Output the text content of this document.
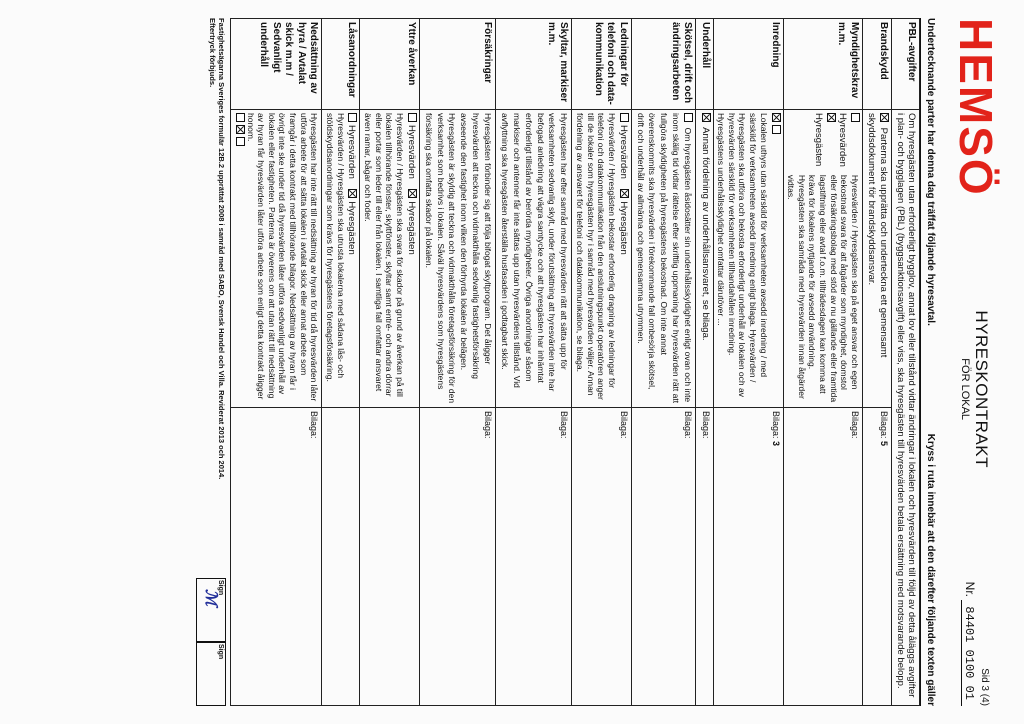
HEMSÖ
HYRESKONTRAKT
FÖR LOKAL
Sid 3 (4)
Nr. 84401 0100 01
Undertecknande parter har denna dag träffat följande hyresavtal.
Kryss i ruta innebär att den därefter följande texten gäller
PBL-avgifter	Om hyresgästen utan erforderligt bygglov, annat lov eller tillstånd vidtar ändringar i lokalen och hyresvärden till följd av detta åläggs avgifter i plan- och bygglagen (PBL) (byggsanktionsavgift) eller viss, ska hyresgästen till hyresvärden betala ersättning med motsvarande belopp.	
Brandskydd	Parterna ska upprätta och underteckna ett gemensamt skyddsdokument för brandskyddsansvar.	Bilaga: 5
Myndighetskrav m.m.	Hyresvärden
Hyresgästen
Hyresvärden / Hyresgästen ska på eget ansvar och egen bekostnad svara för att åtgärder som myndighet, domstol eller försäkringsbolag med stöd av nu gällande eller framtida lagstiftning eller avtal f.o.m. tillträdesdagen kan komma att kräva för lokalens nyttjande för avsedd användning. Hyresgästen ska samråda med hyresvärden innan åtgärder vidtas.	Bilaga:
Inredning	Lokalen uthyrs utan särskild för verksamheten avsedd inredning / med särskild för verksamheten avsedd inredning enligt bilaga. Hyresvärden / Hyresgästen ska utföra och bekosta erforderligt underhåll av lokalen och av hyresvärden särskild för verksamheten tillhandahållen inredning. Hyresgästens underhållsskyldighet omfattar därutöver ...	Bilaga: 3
Underhåll	Annan fördelning av underhållsansvaret, se bilaga.	Bilaga:
Skötsel, drift och ändringsarbeten	Om hyresgästen åsidosätter sin underhållsskyldighet enligt ovan och inte inom skälig tid vidtar rättelse efter skriftlig uppmaning har hyresvärden rätt att fullgöra skyldigheten på hyresgästens bekostnad. Om inte annat överenskommits ska hyresvärden i förekommande fall ombesörja skötsel, drift och underhåll av allmänna och gemensamma utrymmen.	Bilaga:
Ledningar för telefoni och data-kommunikation	Hyresvärden    Hyresgästen
Hyresvärden / Hyresgästen bekostar erforderlig dragning av ledningar för telefoni och datakommunikation från den anslutningspunkt operatören anger till de lokaler som hyresgästen hyr i samråd med hyresvärden väljer. Annan fördelning av ansvaret för telefoni och datakommunikation, se bilaga.	Bilaga:
Skyltar, markiser m.m.	Hyresgästen har efter samråd med hyresvärden rätt att sätta upp för verksamheten sedvanlig skylt, under förutsättning att hyresvärden inte har befogad anledning att vägra samtycke och att hyresgästen har inhämtat erforderligt tillstånd av berörda myndigheter. Övriga anordningar såsom markiser och antenner får inte sättas upp utan hyresvärdens tillstånd. Vid avflyttning ska hyresgästen återställa husfasaden i godtagbart skick.	Bilaga:
Försäkringar	Hyresgästen förbinder sig att följa bifogat skyltprogram. Det åligger hyresvärden att teckna och vidmakthålla sedvanlig fastighetsförsäkring avseende den fastighet inom vilken den förhyrda lokalen är belägen. Hyresgästen är skyldig att teckna och vidmakthålla företagsförsäkring för den verksamhet som bedrivs i lokalen. Såväl hyresvärdens som hyresgästens försäkring ska omfatta skador på lokalen.	Bilaga:
Yttre åverkan	Hyresvärden    Hyresgästen
Hyresvärden / Hyresgästen ska svara för skador på grund av åverkan på till lokalen tillhörande fönster, skyltfönster, skyltar samt entré- och andra dörrar eller portar som leder till eller från lokalen. I samtliga fall omfattar ansvaret även ramar, bågar och foder.	

Låsanordningar	Hyresvärden    Hyresgästen
Hyresvärden / Hyresgästen ska utrusta lokalerna med sådana lås- och stöldskyddsanordningar som krävs för hyresgästens företagsförsäkring.	

Nedsättning av hyra / Avtalat skick m.m / Sedvanligt underhåll	Hyresgästen har inte rätt till nedsättning av hyran för tid då hyresvärden låter utföra arbete för att sätta lokalen i avtalat skick eller annat arbete som framgår i detta kontrakt med tillhörande bilagor. Nedsättning av hyran får i övrigt inte ske under tid då hyresvärden låter utföra sedvanligt underhåll av lokalen eller fastigheten. Parterna är överens om att utan rätt till nedsättning av hyran får hyresvärden låter utföra arbete som enligt detta kontrakt åligger honom.	Bilaga:
Fastighetsägarna Sveriges formulär 12B.2 upprättat 2008 i samråd med SABO, Svensk Handel och Villa. Reviderat 2013 och 2014.
Eftertryck förbjuds.
Sign
ℳ
Sign
